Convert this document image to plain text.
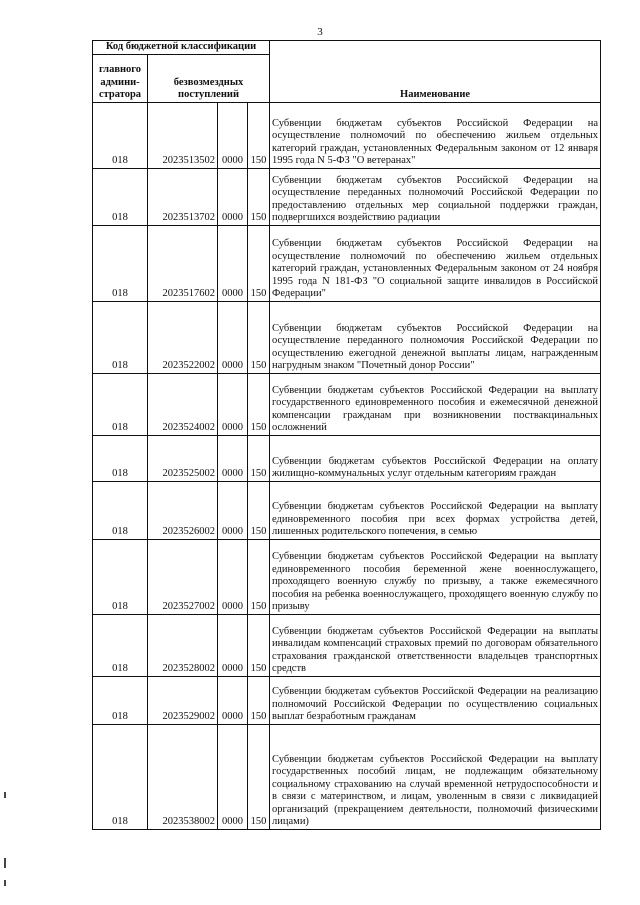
3
Код бюджетной классификации				Наименование
главного админи-стратора	безвозмездных поступлений			
018	2023513502	0000	150	Субвенции бюджетам субъектов Российской Федерации на осуществление полномочий по обеспечению жильем отдельных категорий граждан, установленных Федеральным законом от 12 января 1995 года N 5-ФЗ "О ветеранах"
018	2023513702	0000	150	Субвенции бюджетам субъектов Российской Федерации на осуществление переданных полномочий Российской Федерации по предоставлению отдельных мер социальной поддержки граждан, подвергшихся воздействию радиации
018	2023517602	0000	150	Субвенции бюджетам субъектов Российской Федерации на осуществление полномочий по обеспечению жильем отдельных категорий граждан, установленных Федеральным законом от 24 ноября 1995 года N 181-ФЗ "О социальной защите инвалидов в Российской Федерации"
018	2023522002	0000	150	Субвенции бюджетам субъектов Российской Федерации на осуществление переданного полномочия Российской Федерации по осуществлению ежегодной денежной выплаты лицам, награжденным нагрудным знаком "Почетный донор России"
018	2023524002	0000	150	Субвенции бюджетам субъектов Российской Федерации на выплату государственного единовременного пособия и ежемесячной денежной компенсации гражданам при возникновении поствакцинальных осложнений
018	2023525002	0000	150	Субвенции бюджетам субъектов Российской Федерации на оплату жилищно-коммунальных услуг отдельным категориям граждан
018	2023526002	0000	150	Субвенции бюджетам субъектов Российской Федерации на выплату единовременного пособия при всех формах устройства детей, лишенных родительского попечения, в семью
018	2023527002	0000	150	Субвенции бюджетам субъектов Российской Федерации на выплату единовременного пособия беременной жене военнослужащего, проходящего военную службу по призыву, а также ежемесячного пособия на ребенка военнослужащего, проходящего военную службу по призыву
018	2023528002	0000	150	Субвенции бюджетам субъектов Российской Федерации на выплаты инвалидам компенсаций страховых премий по договорам обязательного страхования гражданской ответственности владельцев транспортных средств
018	2023529002	0000	150	Субвенции бюджетам субъектов Российской Федерации на реализацию полномочий Российской Федерации по осуществлению социальных выплат безработным гражданам
018	2023538002	0000	150	Субвенции бюджетам субъектов Российской Федерации на выплату государственных пособий лицам, не подлежащим обязательному социальному страхованию на случай временной нетрудоспособности и в связи с материнством, и лицам, уволенным в связи с ликвидацией организаций (прекращением деятельности, полномочий физическими лицами)
